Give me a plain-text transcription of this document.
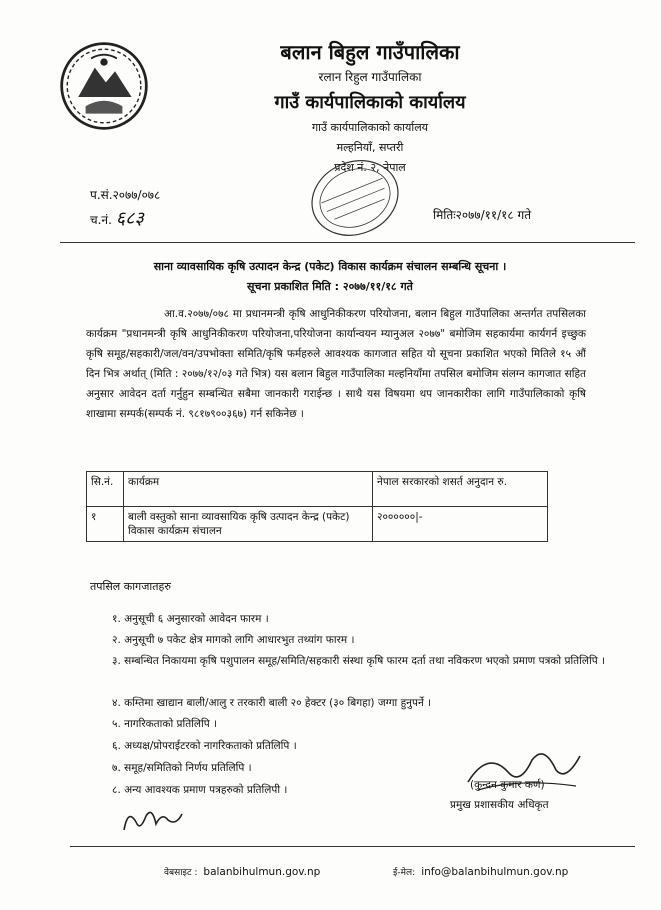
बलान बिहुल गाउँपालिका
रलान रिहुल गाउँपालिका
गाउँ कार्यपालिकाको कार्यालय
गाउँ कार्यपालिकाको कार्यालय
मल्हनियाँ, सप्तरी
प्रदेश नं. २, नेपाल
प.सं.२०७७/०७८
च.नं. ६८३	मितिः२०७७/११/१८ गते
साना व्यावसायिक कृषि उत्पादन केन्द्र (पकेट) विकास कार्यक्रम संचालन सम्बन्धि सूचना ।
सूचना प्रकाशित मिति : २०७७/११/१८ गते
आ.व.२०७७/०७८ मा प्रधानमन्त्री कृषि आधुनिकीकरण परियोजना, बलान बिहुल गाउँपालिका अन्तर्गत तपसिलका कार्यक्रम "प्रधानमन्त्री कृषि आधुनिकीकरण परियोजना,परियोजना कार्यान्वयन म्यानुअल २०७७" बमोजिम सहकार्यमा कार्यगर्न इच्छुक कृषि समूह/सहकारी/जल/वन/उपभोक्ता समिति/कृषि फर्महरुले आवश्यक कागजात सहित यो सूचना प्रकाशित भएको मितिले १५ औं दिन भित्र अर्थात् (मिति : २०७७/१२/०३ गते भित्र) यस बलान बिहुल गाउँपालिका मल्हनियाँमा तपसिल बमोजिम संलग्न कागजात सहित अनुसार आवेदन दर्ता गर्नुहुन सम्बन्धित सबैमा जानकारी गराईन्छ । साथै यस विषयमा थप जानकारीका लागि गाउँपालिकाको कृषि शाखामा सम्पर्क(सम्पर्क नं. ९८१७९००३६७) गर्न सकिनेछ ।
सि.नं.	कार्यक्रम	नेपाल सरकारको शसर्त अनुदान रु.
१	बाली वस्तुको साना व्यावसायिक कृषि उत्पादन केन्द्र (पकेट) विकास कार्यक्रम संचालन	२००००००|-
तपसिल कागजातहरु
१. अनुसूची ६ अनुसारको आवेदन फारम ।
२. अनुसूची ७ पकेट क्षेत्र मागको लागि आधारभुत तथ्यांग फारम ।
३. सम्बन्धित निकायमा कृषि पशुपालन समूह/समिति/सहकारी संस्था कृषि फारम दर्ता तथा नविकरण भएको प्रमाण पत्रको प्रतिलिपि ।
४. कम्तिमा खाद्यान बाली/आलु र तरकारी बाली २० हेक्टर (३० बिगहा) जग्गा हुनुपर्ने ।
५. नागरिकताको प्रतिलिपि ।
६. अध्यक्ष/प्रोपराईटरको नागरिकताको प्रतिलिपि ।
७. समूह/समितिको निर्णय प्रतिलिपि ।
८. अन्य आवश्यक प्रमाण पत्रहरुको प्रतिलिपी ।	(कुन्दन कुमार कर्ण)
प्रमुख प्रशासकीय अधिकृत
वेबसाइट : balanbihulmun.gov.np	ई-मेल: info@balanbihulmun.gov.np
